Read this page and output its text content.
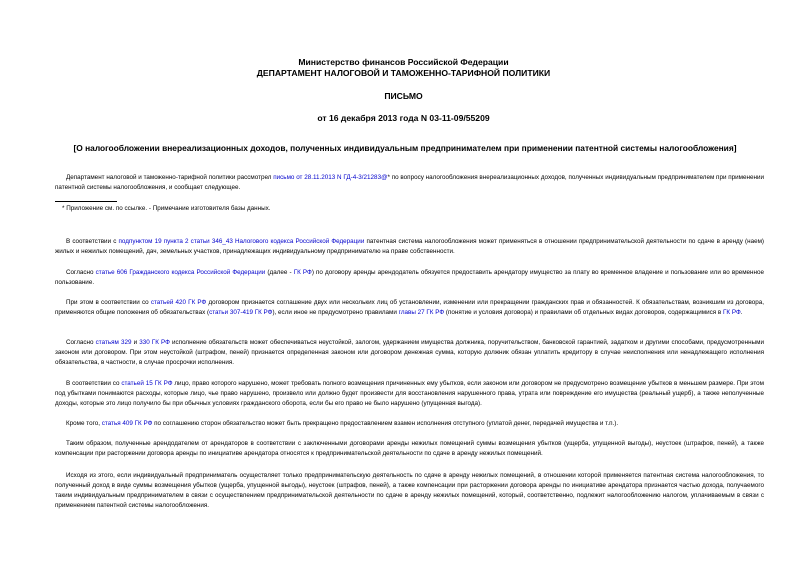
Министерство финансов Российской Федерации
ДЕПАРТАМЕНТ НАЛОГОВОЙ И ТАМОЖЕННО-ТАРИФНОЙ ПОЛИТИКИ
ПИСЬМО
от 16 декабря 2013 года N 03-11-09/55209
[О налогообложении внереализационных доходов, полученных индивидуальным предпринимателем при применении патентной системы налогообложения]

Департамент налоговой и таможенно-тарифной политики рассмотрел письмо от 28.11.2013 N ГД-4-3/21283@* по вопросу налогообложения внереализационных доходов, полученных индивидуальным предпринимателем при применении патентной системы налогообложения, и сообщает следующее.

* Приложение см. по ссылке. - Примечание изготовителя базы данных.

В соответствии с подпунктом 19 пункта 2 статьи 346_43 Налогового кодекса Российской Федерации патентная система налогообложения может применяться в отношении предпринимательской деятельности по сдаче в аренду (наем) жилых и нежилых помещений, дач, земельных участков, принадлежащих индивидуальному предпринимателю на праве собственности.

Согласно статье 606 Гражданского кодекса Российской Федерации (далее - ГК РФ) по договору аренды арендодатель обязуется предоставить арендатору имущество за плату во временное владение и пользование или во временное пользование.

При этом в соответствии со статьей 420 ГК РФ договором признается соглашение двух или нескольких лиц об установлении, изменении или прекращении гражданских прав и обязанностей. К обязательствам, возникшим из договора, применяются общие положения об обязательствах (статьи 307-419 ГК РФ), если иное не предусмотрено правилами главы 27 ГК РФ (понятие и условия договора) и правилами об отдельных видах договоров, содержащимися в ГК РФ.

Согласно статьям 329 и 330 ГК РФ исполнение обязательств может обеспечиваться неустойкой, залогом, удержанием имущества должника, поручительством, банковской гарантией, задатком и другими способами, предусмотренными законом или договором. При этом неустойкой (штрафом, пеней) признается определенная законом или договором денежная сумма, которую должник обязан уплатить кредитору в случае неисполнения или ненадлежащего исполнения обязательства, в частности, в случае просрочки исполнения.

В соответствии со статьей 15 ГК РФ лицо, право которого нарушено, может требовать полного возмещения причиненных ему убытков, если законом или договором не предусмотрено возмещение убытков в меньшем размере. При этом под убытками понимаются расходы, которые лицо, чье право нарушено, произвело или должно будет произвести для восстановления нарушенного права, утрата или повреждение его имущества (реальный ущерб), а также неполученные доходы, которые это лицо получило бы при обычных условиях гражданского оборота, если бы его право не было нарушено (упущенная выгода).

Кроме того, статья 409 ГК РФ по соглашению сторон обязательство может быть прекращено предоставлением взамен исполнения отступного (уплатой денег, передачей имущества и т.п.).

Таким образом, полученные арендодателем от арендаторов в соответствии с заключенными договорами аренды нежилых помещений суммы возмещения убытков (ущерба, упущенной выгоды), неустоек (штрафов, пеней), а также компенсации при расторжении договора аренды по инициативе арендатора относятся к предпринимательской деятельности по сдаче в аренду нежилых помещений.

Исходя из этого, если индивидуальный предприниматель осуществляет только предпринимательскую деятельность по сдаче в аренду нежилых помещений, в отношении которой применяется патентная система налогообложения, то полученный доход в виде суммы возмещения убытков (ущерба, упущенной выгоды), неустоек (штрафов, пеней), а также компенсации при расторжении договора аренды по инициативе арендатора признается частью дохода, получаемого таким индивидуальным предпринимателем в связи с осуществлением предпринимательской деятельности по сдаче в аренду нежилых помещений, который, соответственно, подлежит налогообложению налогом, уплачиваемым в связи с применением патентной системы налогообложения.
